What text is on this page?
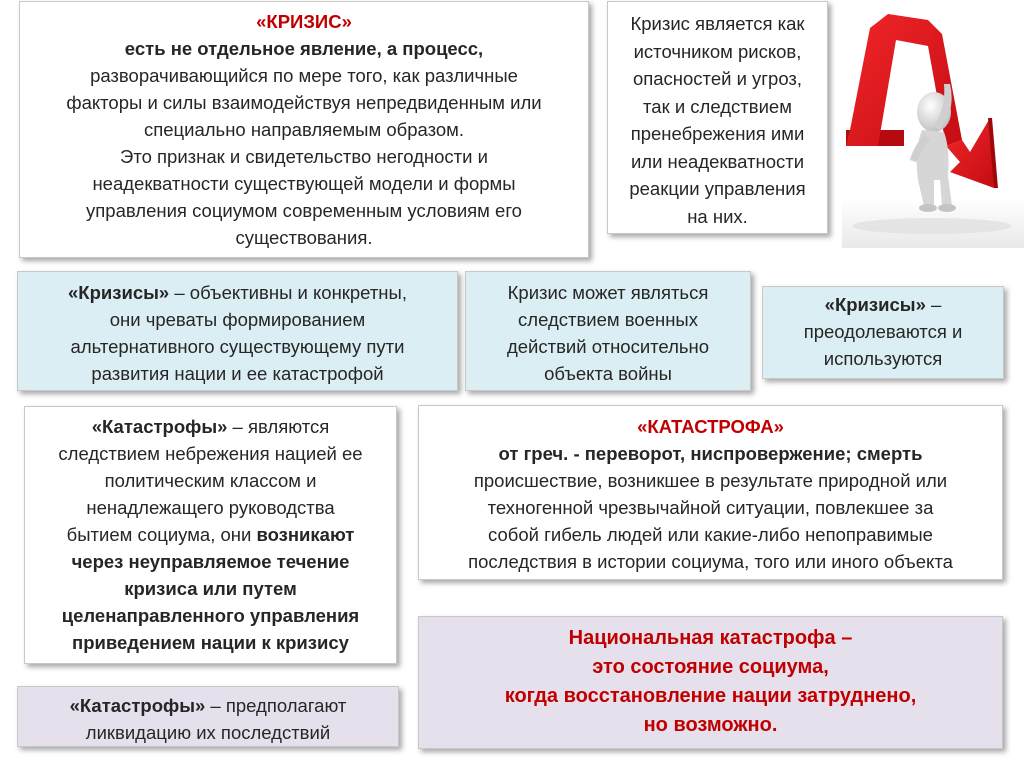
«КРИЗИС»
есть не отдельное явление, а процесс,
разворачивающийся по мере того, как различные
факторы и силы взаимодействуя непредвиденным или
специально направляемым образом.
Это признак и свидетельство негодности и
неадекватности существующей модели и формы
управления социумом современным условиям его
существования.
Кризис является как
источником рисков,
опасностей и угроз,
так и следствием
пренебрежения ими
или неадекватности
реакции управления
на них.
«Кризисы» – объективны и конкретны,
они чреваты формированием
альтернативного существующему пути
развития нации и ее катастрофой
Кризис может являться
следствием военных
действий относительно
объекта войны
«Кризисы» –
преодолеваются и
используются
«Катастрофы» – являются
следствием небрежения нацией ее
политическим классом и
ненадлежащего руководства
бытием социума, они возникают
через неуправляемое течение
кризиса или путем
целенаправленного управления
приведением нации к кризису
«КАТАСТРОФА»
от греч. - переворот, ниспровержение; смерть
происшествие, возникшее в результате природной или
техногенной чрезвычайной ситуации, повлекшее за
собой гибель людей или какие-либо непоправимые
последствия в истории социума, того или иного объекта
Национальная катастрофа –
это состояние социума,
когда восстановление нации затруднено,
но возможно.
«Катастрофы» – предполагают
ликвидацию их последствий
